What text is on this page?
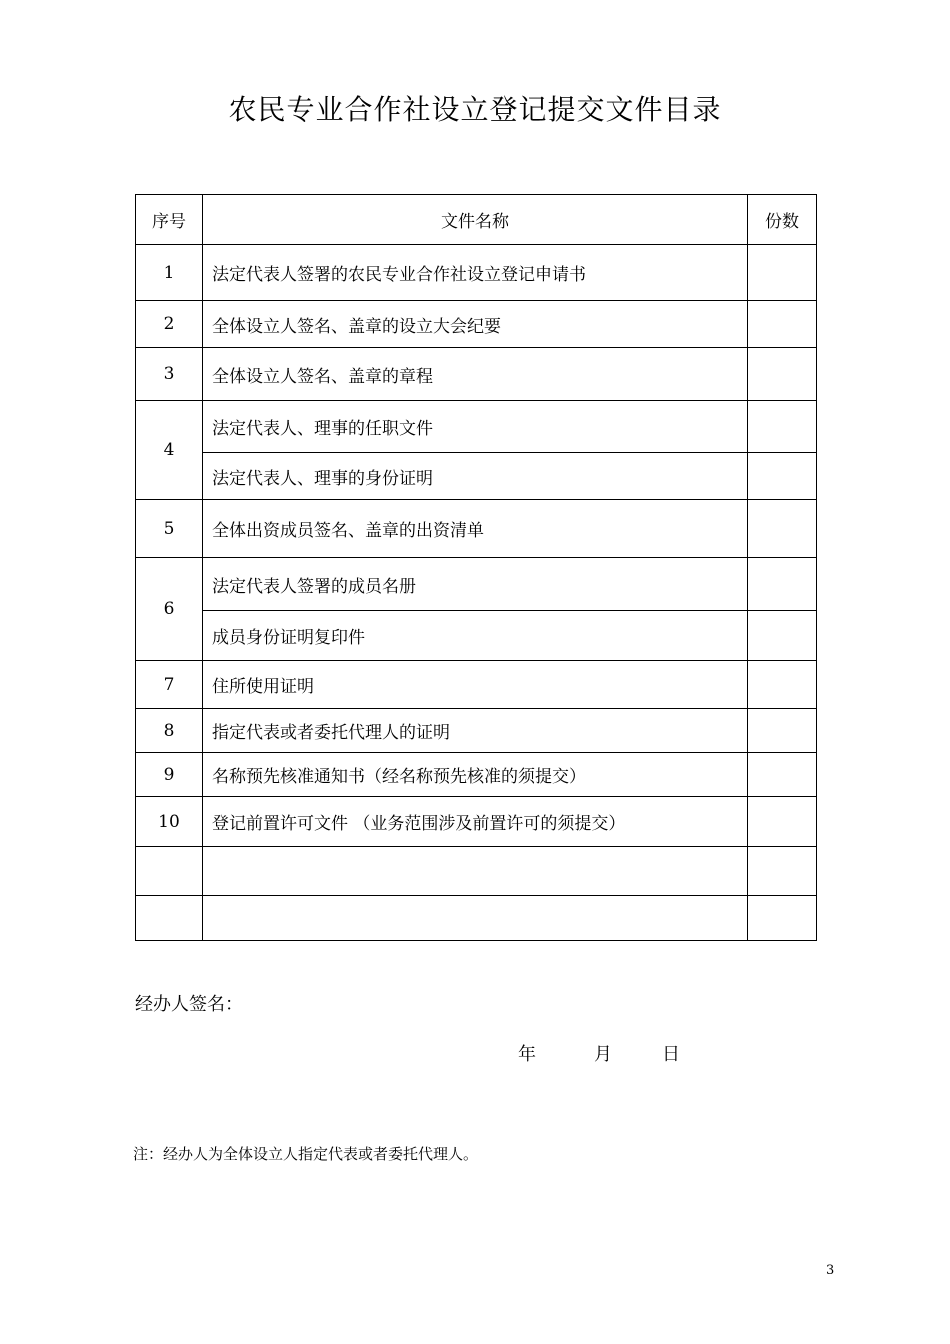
农民专业合作社设立登记提交文件目录
序号	文件名称	份数
1	法定代表人签署的农民专业合作社设立登记申请书	
2	全体设立人签名、盖章的设立大会纪要	
3	全体设立人签名、盖章的章程	
4	法定代表人、理事的任职文件	
	法定代表人、理事的身份证明	
5	全体出资成员签名、盖章的出资清单	
6	法定代表人签署的成员名册	
	成员身份证明复印件	
7	住所使用证明	
8	指定代表或者委托代理人的证明	
9	名称预先核准通知书（经名称预先核准的须提交）	
10	登记前置许可文件 （业务范围涉及前置许可的须提交）	

经办人签名：
年	月	日
注：经办人为全体设立人指定代表或者委托代理人。
3
